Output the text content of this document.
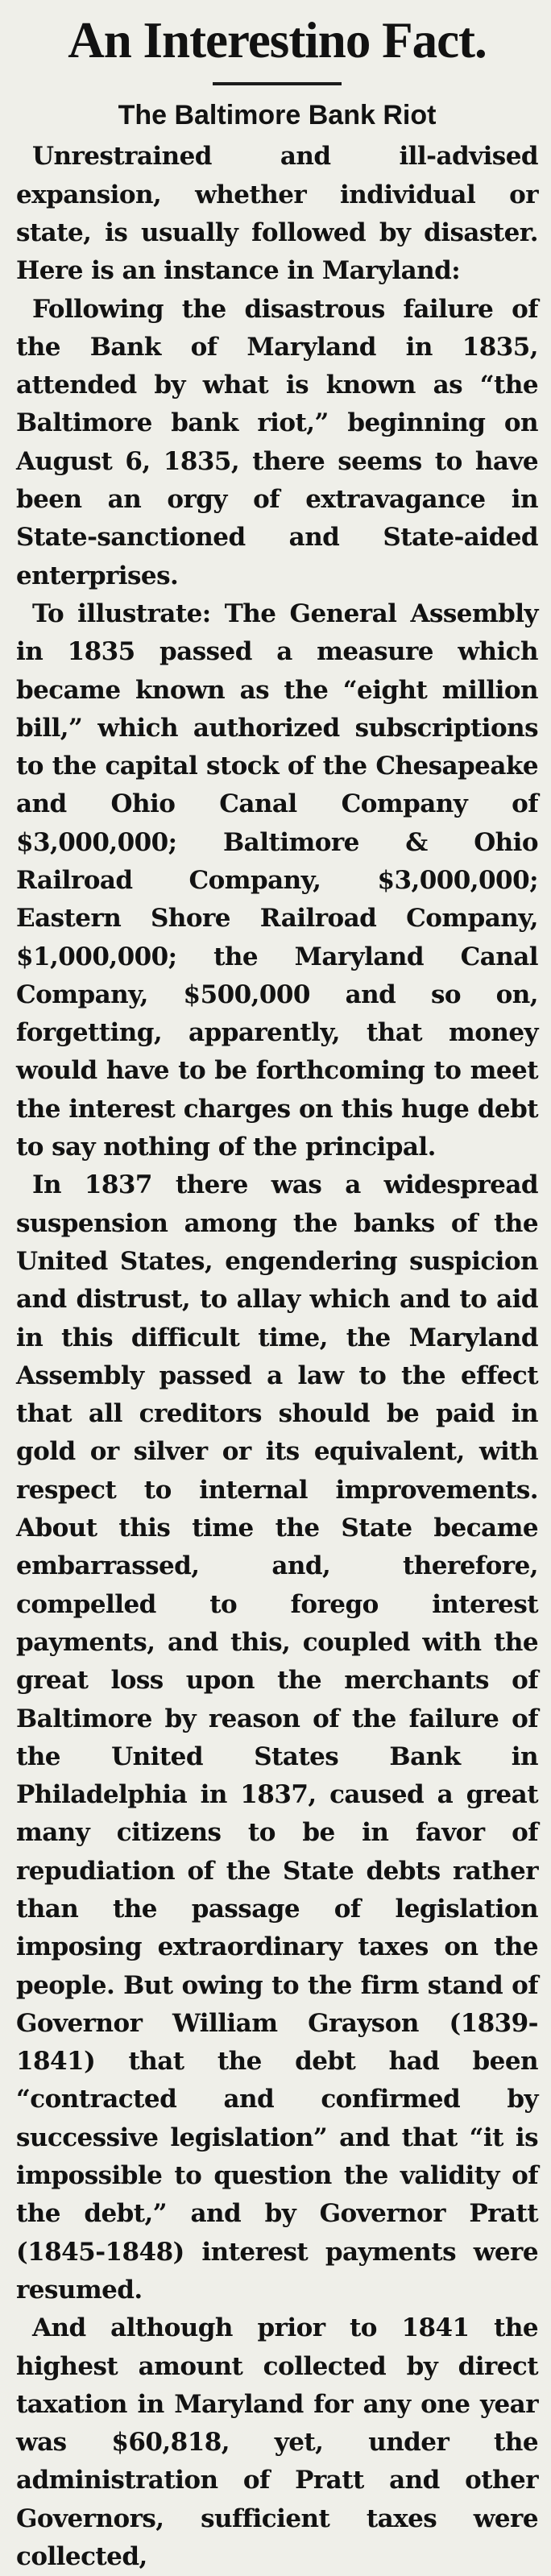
An Interestino Fact.
The Baltimore Bank Riot

Unrestrained and ill-advised expansion, whether individual or state, is usually followed by disaster. Here is an instance in Maryland:

Following the disastrous failure of the Bank of Maryland in 1835, attended by what is known as “the Baltimore bank riot,” beginning on August 6, 1835, there seems to have been an orgy of extravagance in State-sanctioned and State-aided enterprises.

To illustrate: The General Assembly in 1835 passed a measure which became known as the “eight million bill,” which authorized subscriptions to the capital stock of the Chesapeake and Ohio Canal Company of $3,000,000; Baltimore & Ohio Railroad Company, $3,000,000; Eastern Shore Railroad Company, $1,000,000; the Maryland Canal Company, $500,000 and so on, forgetting, apparently, that money would have to be forthcoming to meet the interest charges on this huge debt to say nothing of the principal.

In 1837 there was a widespread suspension among the banks of the United States, engendering suspicion and distrust, to allay which and to aid in this difficult time, the Maryland Assembly passed a law to the effect that all creditors should be paid in gold or silver or its equivalent, with respect to internal improvements. About this time the State became embarrassed, and, therefore, compelled to forego interest payments, and this, coupled with the great loss upon the merchants of Baltimore by reason of the failure of the United States Bank in Philadelphia in 1837, caused a great many citizens to be in favor of repudiation of the State debts rather than the passage of legislation imposing extraordinary taxes on the people. But owing to the firm stand of Governor William Grayson (1839-1841) that the debt had been “contracted and confirmed by successive legislation” and that “it is impossible to question the validity of the debt,” and by Governor Pratt (1845-1848) interest payments were resumed.

And although prior to 1841 the highest amount collected by direct taxation in Maryland for any one year was $60,818, yet, under the administration of Pratt and other Governors, sufficient taxes were collected,
